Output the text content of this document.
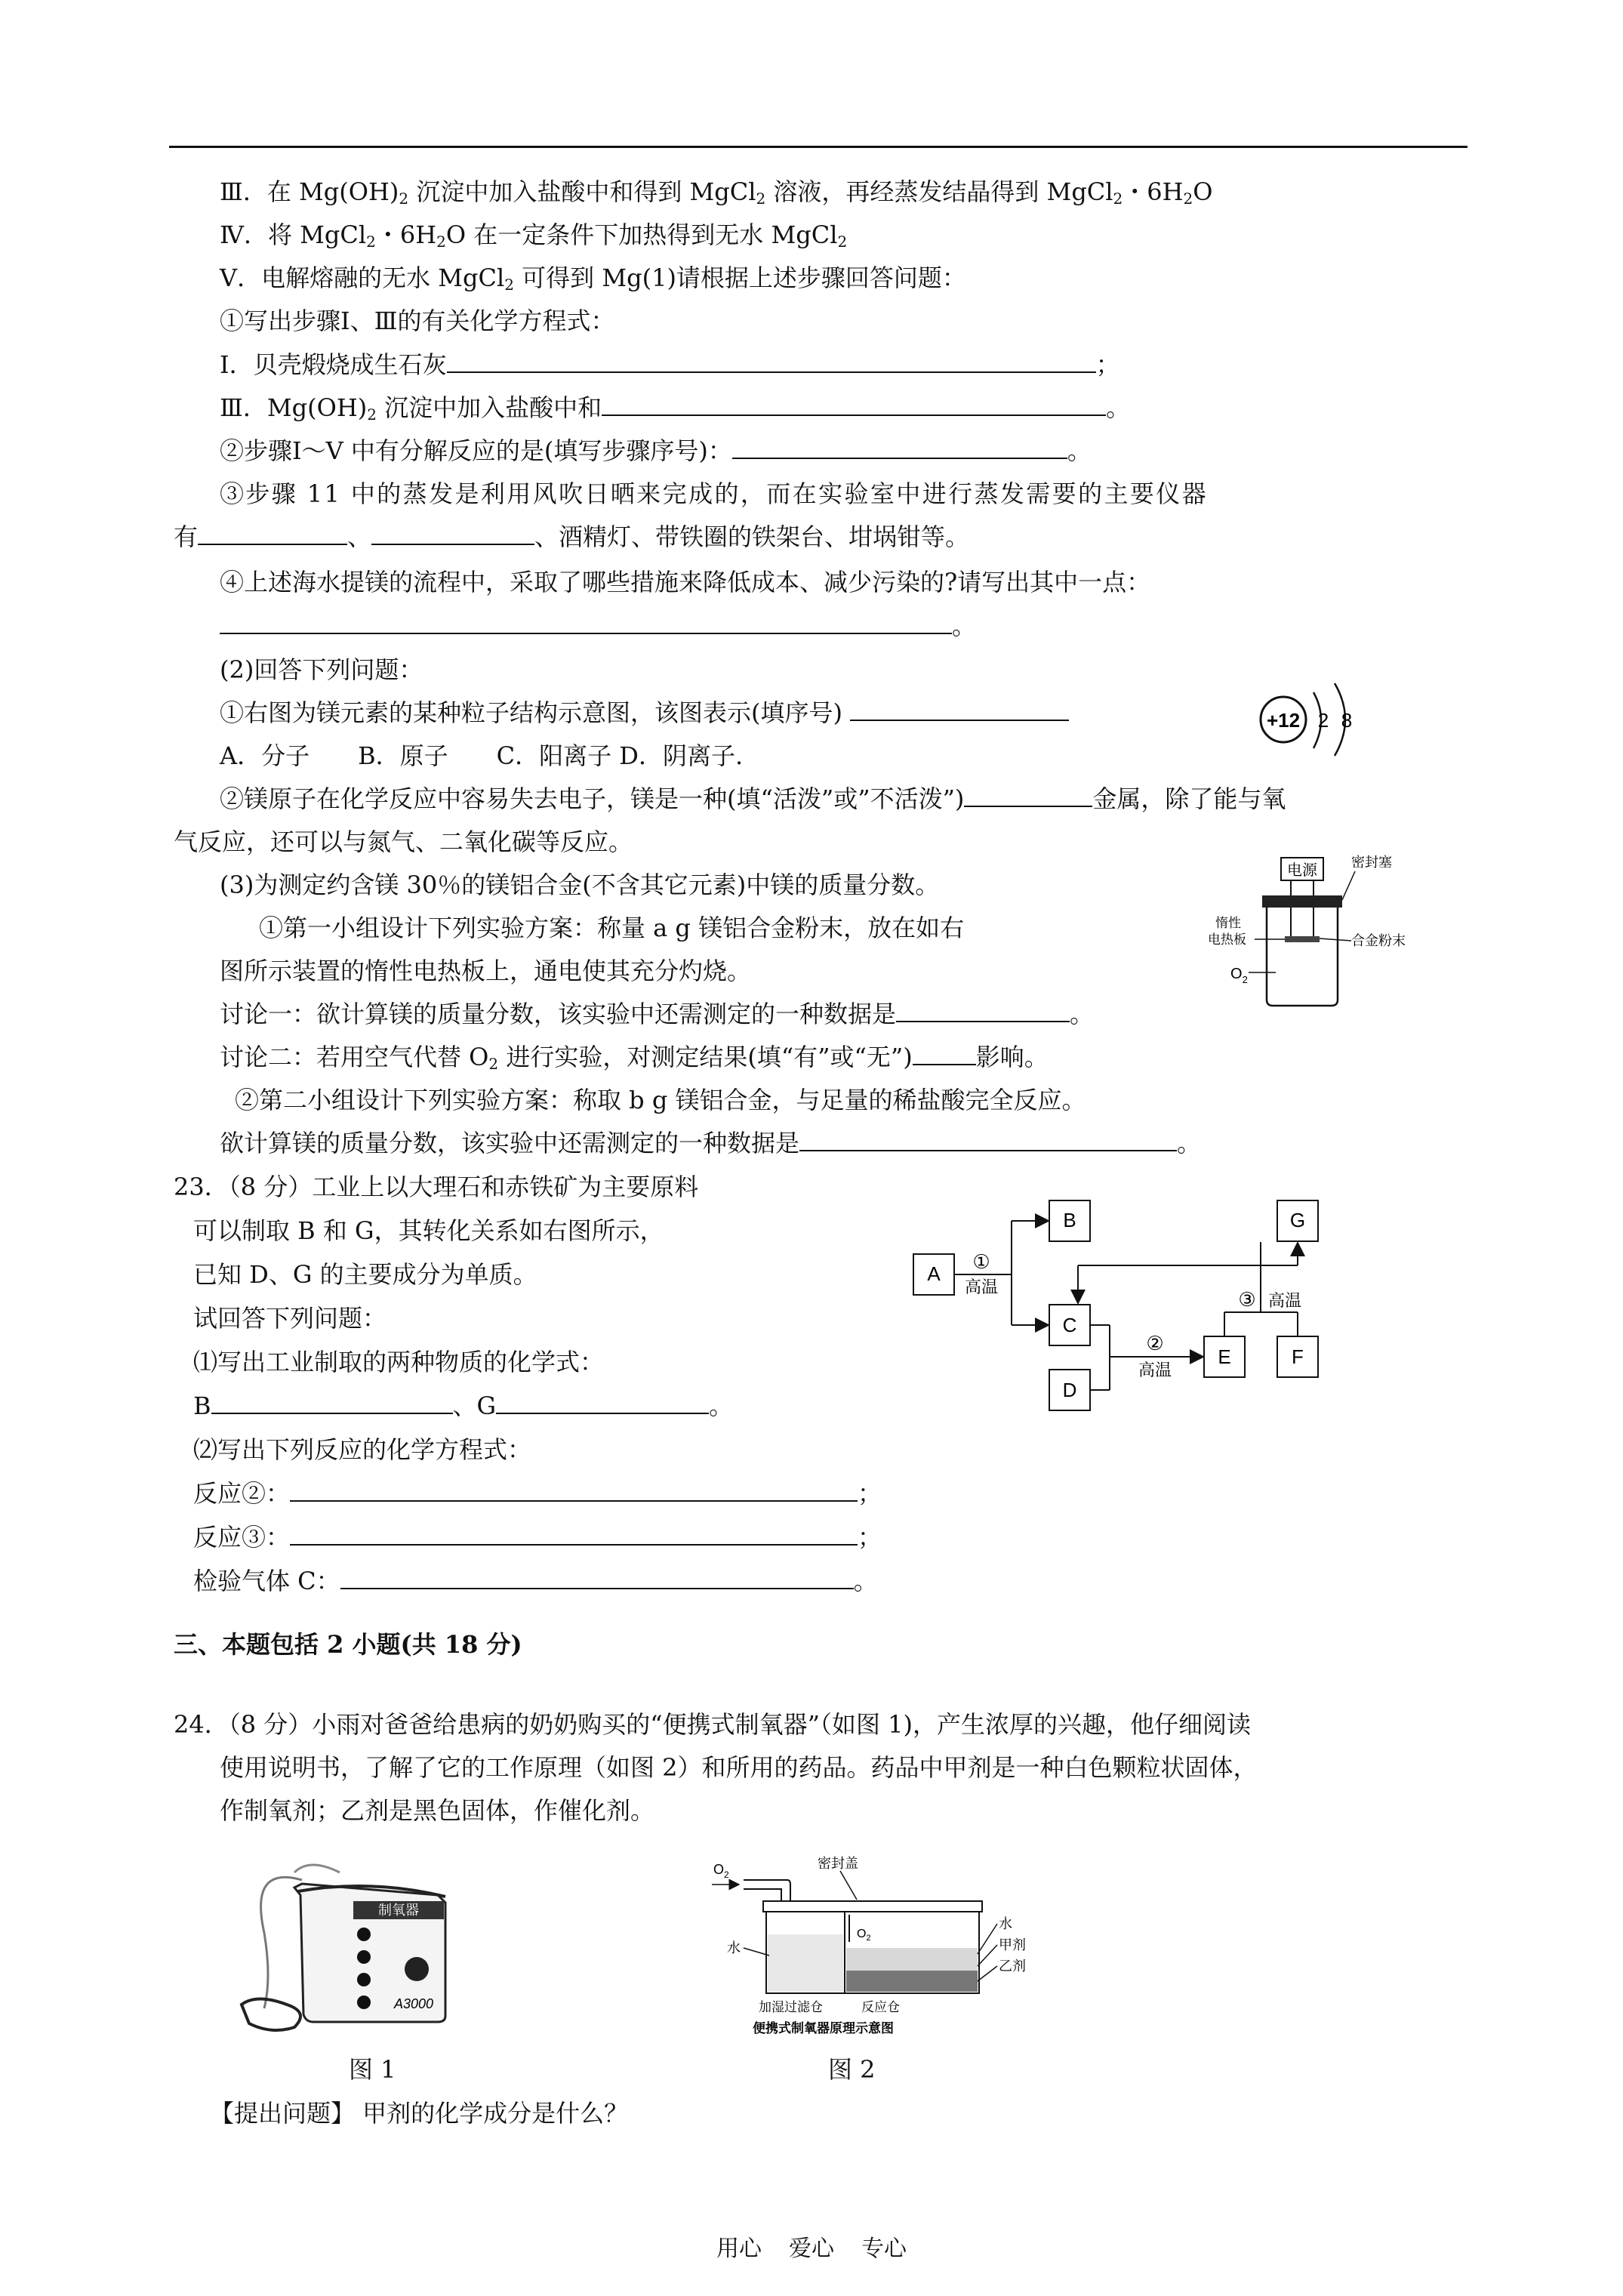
Ⅲ．在 $Mg(OH)_2$ 沉淀中加入盐酸中和得到 MgCl$_2$ 溶液，再经蒸发结晶得到 MgCl$_2$・$6H_2O$
Ⅳ．将 MgCl$_2$・$6H_2O$ 在一定条件下加热得到无水 MgCl$_2$
V．电解熔融的无水 MgCl$_2$ 可得到 Mg(1)请根据上述步骤回答问题：
①写出步骤Ⅰ、Ⅲ的有关化学方程式：
Ⅰ．贝壳煅烧成生石灰	；
Ⅲ．$Mg(OH)_2$ 沉淀中加入盐酸中和	。
②步骤Ⅰ～V 中有分解反应的是(填写步骤序号)：	。
③步骤 11 中的蒸发是利用风吹日晒来完成的，而在实验室中进行蒸发需要的主要仪器
有	、	、酒精灯、带铁圈的铁架台、坩埚钳等。
④上述海水提镁的流程中，采取了哪些措施来降低成本、减少污染的?请写出其中一点：
。
(2)回答下列问题：
①右图为镁元素的某种粒子结构示意图，该图表示(填序号)
A．分子　　B．原子　　C．阳离子 D．阴离子.
②镁原子在化学反应中容易失去电子，镁是一种(填“活泼”或”不活泼”)	金属，除了能与氧
气反应，还可以与氮气、二氧化碳等反应。
(3)为测定约含镁 30％的镁铝合金(不含其它元素)中镁的质量分数。
①第一小组设计下列实验方案：称量 a g 镁铝合金粉末，放在如右
图所示装置的惰性电热板上，通电使其充分灼烧。
讨论一：欲计算镁的质量分数，该实验中还需测定的一种数据是	。
讨论二：若用空气代替 $O_2$ 进行实验，对测定结果(填“有”或“无”)	影响。
②第二小组设计下列实验方案：称取 b g 镁铝合金，与足量的稀盐酸完全反应。
欲计算镁的质量分数，该实验中还需测定的一种数据是	。
+12 2 8
电源	密封塞
惰性
电热板	合金粉末
$O_2$
23．（8 分）工业上以大理石和赤铁矿为主要原料
可以制取 B 和 G，其转化关系如右图所示，
已知 D、G 的主要成分为单质。
试回答下列问题：
⑴写出工业制取的两种物质的化学式：
B	、G	。
⑵写出下列反应的化学方程式：
反应②：	；
反应③：	；
检验气体 C：	。
A
B
C
D
E	F
G
①
高温
②
高温
③ 高温
三、本题包括 2 小题(共 18 分)
24．（8 分）小雨对爸爸给患病的奶奶购买的“便携式制氧器”（如图 1)，产生浓厚的兴趣，他仔细阅读
使用说明书，了解了它的工作原理（如图 2）和所用的药品。药品中甲剂是一种白色颗粒状固体，
作制氧剂；乙剂是黑色固体，作催化剂。
制氧器
A3000
图 1
$O_2$
密封盖
$O_2$
水
水
甲剂
乙剂
加湿过滤仓	反应仓
便携式制氧器原理示意图
图 2
【提出问题】 甲剂的化学成分是什么？
用心 爱心 专心
